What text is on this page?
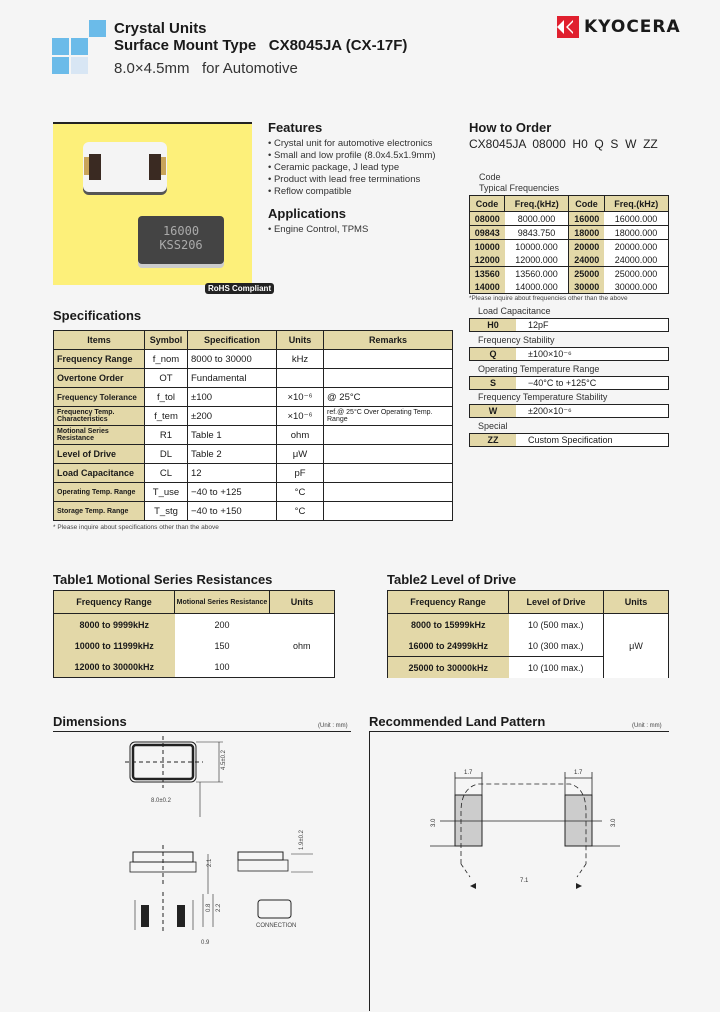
Crystal Units
Surface Mount Type   CX8045JA (CX-17F)
8.0×4.5mm   for Automotive
KYOCERA
16000
KSS206
RoHS Compliant
Features
• Crystal unit for automotive electronics
• Small and low profile (8.0x4.5x1.9mm)
• Ceramic package, J lead type
• Product with lead free terminations
• Reflow compatible
Applications
• Engine Control, TPMS
How to Order
CX8045JA  08000  H0  Q  S  W  ZZ
Code
Typical Frequencies
Code	Freq.(kHz)	Code	Freq.(kHz)
08000	8000.000	16000	16000.000
09843	9843.750	18000	18000.000
10000	10000.000	20000	20000.000
12000	12000.000	24000	24000.000
13560	13560.000	25000	25000.000
14000	14000.000	30000	30000.000
*Please inquire about frequencies other than the above
Load Capacitance
H0	12pF
Frequency Stability
Q	±100×10⁻⁶
Operating Temperature Range
S	−40°C to +125°C
Frequency Temperature Stability
W	±200×10⁻⁶
Special
ZZ	Custom Specification
Specifications
Items	Symbol	Specification	Units	Remarks
Frequency Range	f_nom	8000 to 30000	kHz	
Overtone Order	OT	Fundamental		
Frequency Tolerance	f_tol	±100	×10⁻⁶	@ 25°C
Frequency Temp. Characteristics	f_tem	±200	×10⁻⁶	ref.@ 25°C Over Operating Temp. Range
Motional Series Resistance	R1	Table 1	ohm	
Level of Drive	DL	Table 2	μW	
Load Capacitance	CL	12	pF	
Operating Temp. Range	T_use	−40 to +125	°C	
Storage Temp. Range	T_stg	−40 to +150	°C	
* Please inquire about specifications other than the above
Table1 Motional Series Resistances
Frequency Range	Motional Series Resistance	Units
8000 to 9999kHz	200	ohm
10000 to 11999kHz	150	
12000 to 30000kHz	100	
Table2 Level of Drive
Frequency Range	Level of Drive	Units
8000 to 15999kHz	10 (500 max.)	μW
16000 to 24999kHz	10 (300 max.)	
25000 to 30000kHz	10 (100 max.)	
Dimensions	(Unit : mm)
8.0±0.2
4.5±0.2
1.9±0.2
2.1
0.8 2.2
0.9
CONNECTION
Recommended Land Pattern	(Unit : mm)
1.7	1.7
3.0	3.0
7.1
